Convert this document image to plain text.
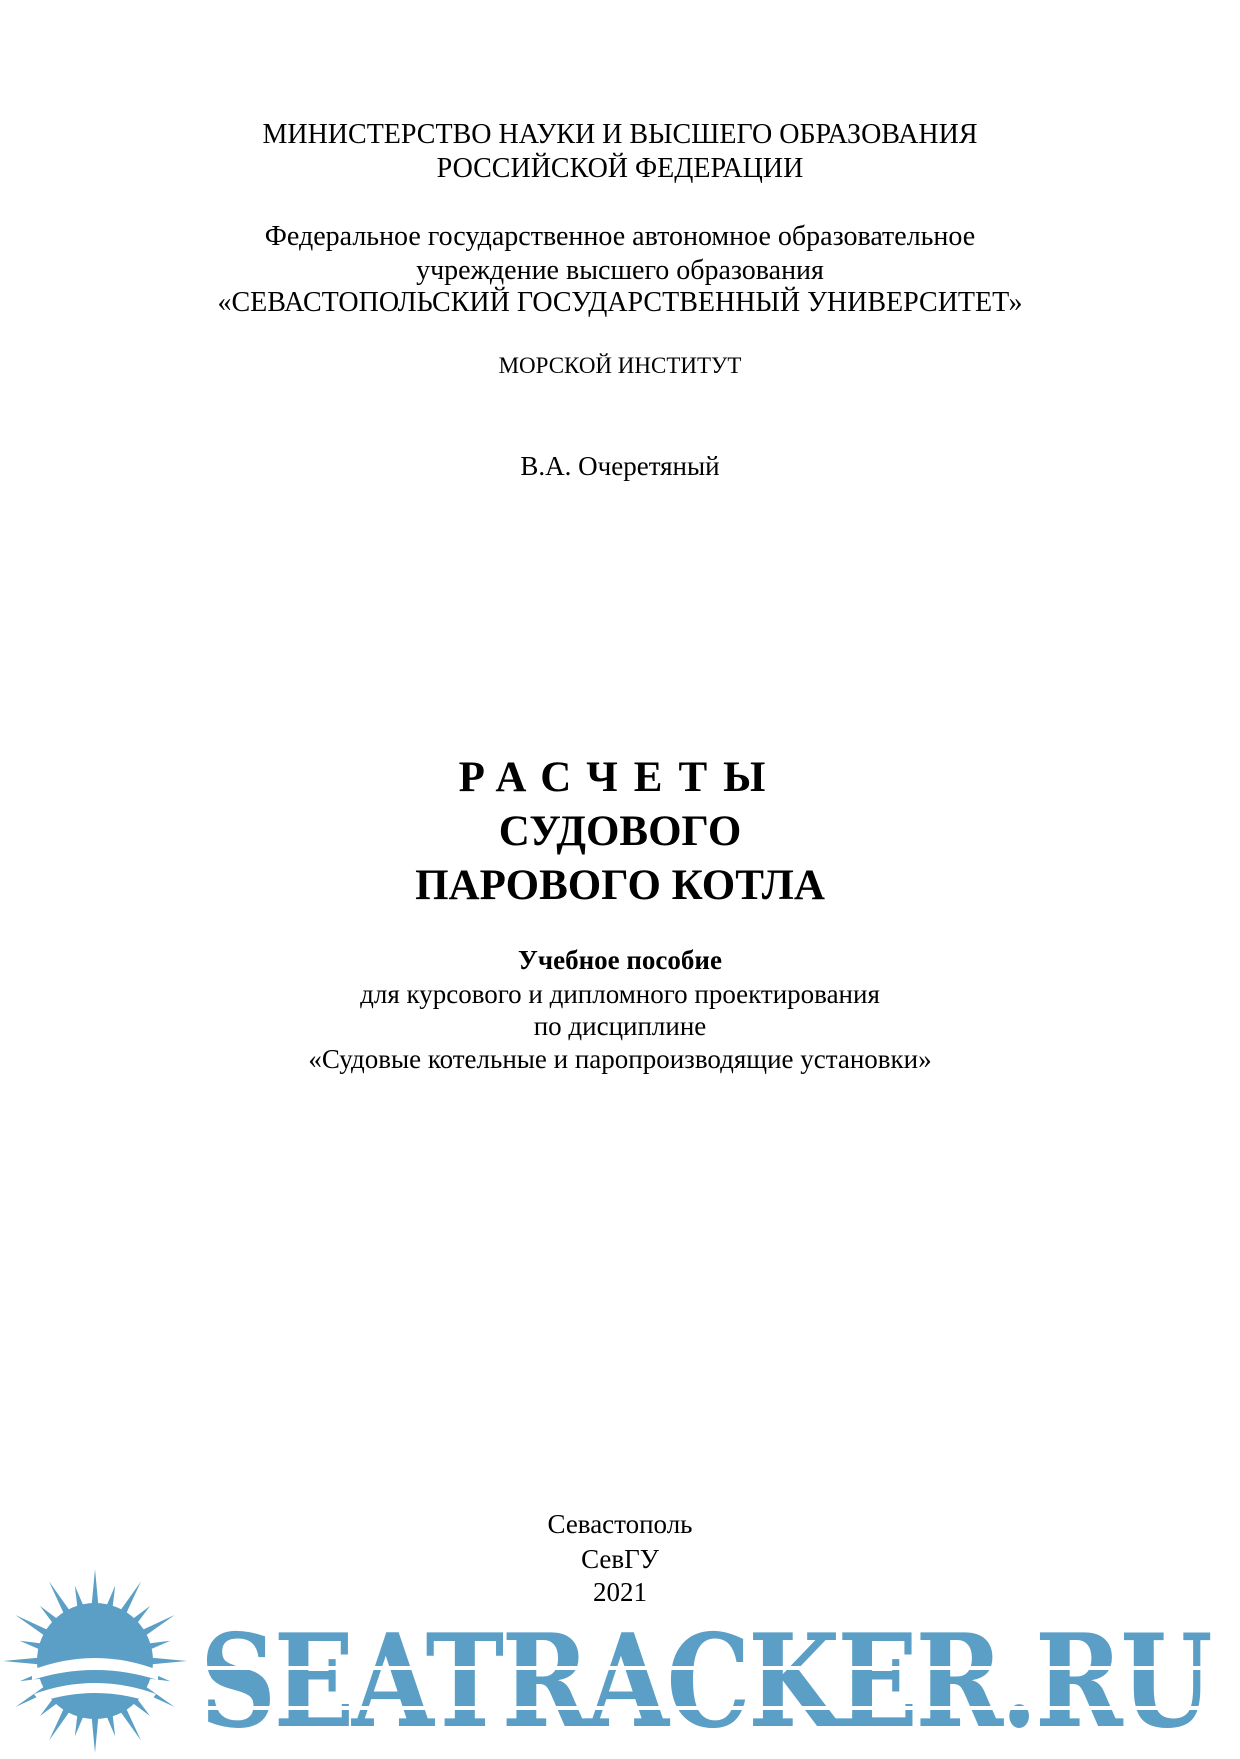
МИНИСТЕРСТВО НАУКИ И ВЫСШЕГО ОБРАЗОВАНИЯ
РОССИЙСКОЙ ФЕДЕРАЦИИ
Федеральное государственное автономное образовательное
учреждение высшего образования
«СЕВАСТОПОЛЬСКИЙ ГОСУДАРСТВЕННЫЙ УНИВЕРСИТЕТ»
МОРСКОЙ ИНСТИТУТ
В.А. Очеретяный
РАСЧЕТЫ
СУДОВОГО
ПАРОВОГО КОТЛА
Учебное пособие
для курсового и дипломного проектирования
по дисциплине
«Судовые котельные и паропроизводящие установки»
Севастополь
СевГУ
2021
SEATRACKER.RU
